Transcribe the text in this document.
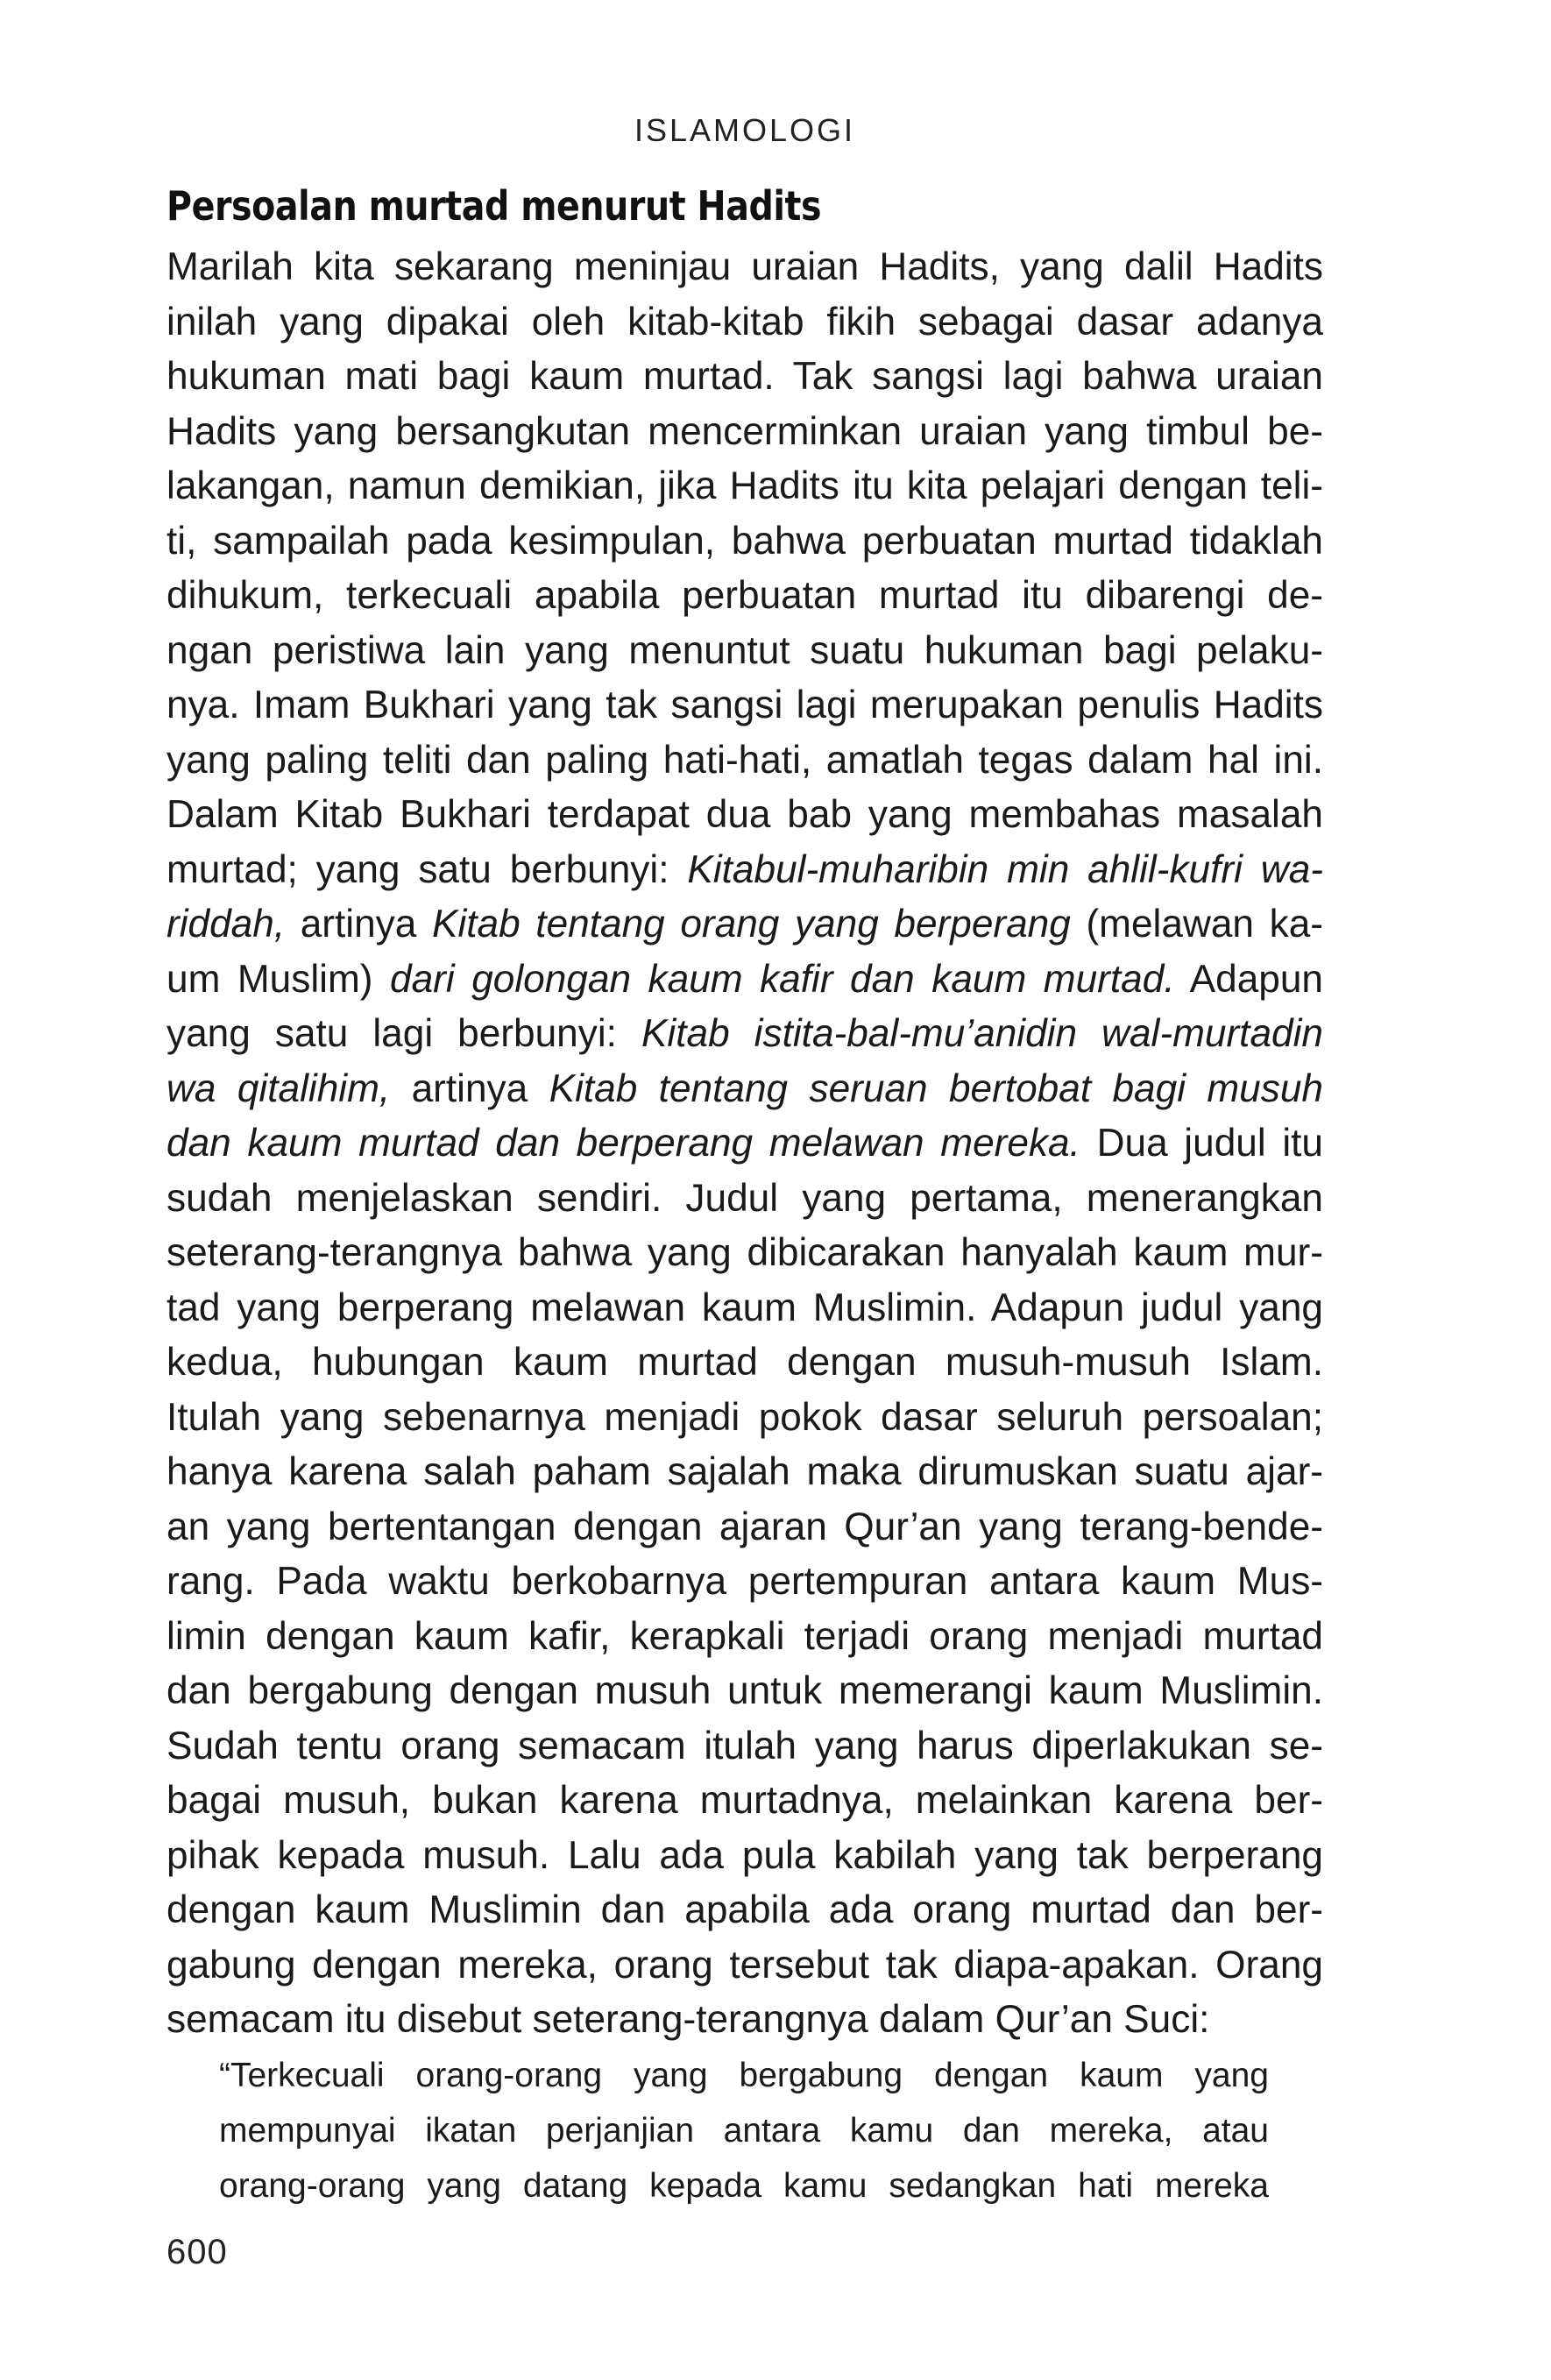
ISLAMOLOGI
Persoalan murtad menurut Hadits
Marilah kita sekarang meninjau uraian Hadits, yang dalil Hadits
inilah yang dipakai oleh kitab-kitab fikih sebagai dasar adanya
hukuman mati bagi kaum murtad. Tak sangsi lagi bahwa uraian
Hadits yang bersangkutan mencerminkan uraian yang timbul be-
lakangan, namun demikian, jika Hadits itu kita pelajari dengan teli-
ti, sampailah pada kesimpulan, bahwa perbuatan murtad tidaklah
dihukum, terkecuali apabila perbuatan murtad itu dibarengi de-
ngan peristiwa lain yang menuntut suatu hukuman bagi pelaku-
nya. Imam Bukhari yang tak sangsi lagi merupakan penulis Hadits
yang paling teliti dan paling hati-hati, amatlah tegas dalam hal ini.
Dalam Kitab Bukhari terdapat dua bab yang membahas masalah
murtad; yang satu berbunyi: Kitabul-muharibin min ahlil-kufri wa-
riddah, artinya Kitab tentang orang yang berperang (melawan ka-
um Muslim) dari golongan kaum kafir dan kaum murtad. Adapun
yang satu lagi berbunyi: Kitab istita-bal-mu’anidin wal-murtadin
wa qitalihim, artinya Kitab tentang seruan bertobat bagi musuh
dan kaum murtad dan berperang melawan mereka. Dua judul itu
sudah menjelaskan sendiri. Judul yang pertama, menerangkan
seterang-terangnya bahwa yang dibicarakan hanyalah kaum mur-
tad yang berperang melawan kaum Muslimin. Adapun judul yang
kedua, hubungan kaum murtad dengan musuh-musuh Islam.
Itulah yang sebenarnya menjadi pokok dasar seluruh persoalan;
hanya karena salah paham sajalah maka dirumuskan suatu ajar-
an yang bertentangan dengan ajaran Qur’an yang terang-bende-
rang. Pada waktu berkobarnya pertempuran antara kaum Mus-
limin dengan kaum kafir, kerapkali terjadi orang menjadi murtad
dan bergabung dengan musuh untuk memerangi kaum Muslimin.
Sudah tentu orang semacam itulah yang harus diperlakukan se-
bagai musuh, bukan karena murtadnya, melainkan karena ber-
pihak kepada musuh. Lalu ada pula kabilah yang tak berperang
dengan kaum Muslimin dan apabila ada orang murtad dan ber-
gabung dengan mereka, orang tersebut tak diapa-apakan. Orang
semacam itu disebut seterang-terangnya dalam Qur’an Suci:
“Terkecuali orang-orang yang bergabung dengan kaum yang
mempunyai ikatan perjanjian antara kamu dan mereka, atau
orang-orang yang datang kepada kamu sedangkan hati mereka
600
